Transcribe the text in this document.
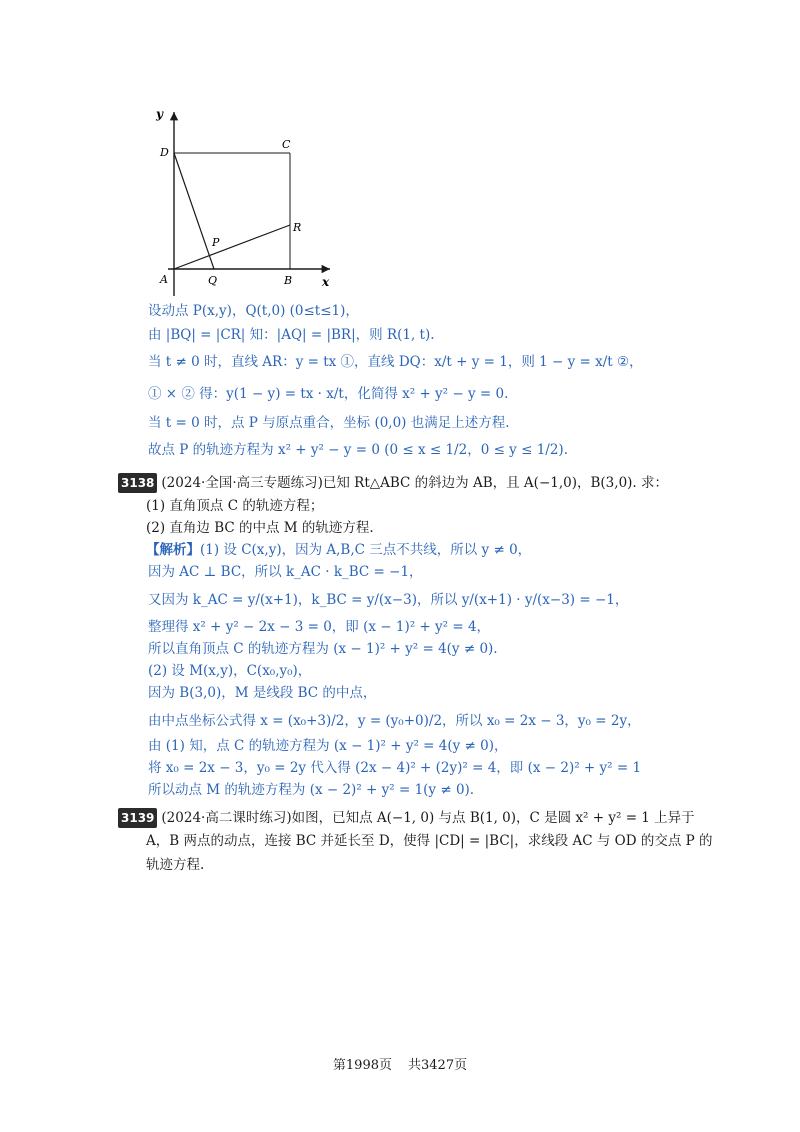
y
x
D
C
R
P
A	Q	B
设动点 P(x,y)，Q(t,0) (0≤t≤1)，
由 |BQ| = |CR| 知：|AQ| = |BR|，则 R(1, t).
当 t ≠ 0 时，直线 AR：y = tx ①，直线 DQ：x/t + y = 1，则 1 − y = x/t ②，
① × ② 得：y(1 − y) = tx · x/t，化简得 x² + y² − y = 0.
当 t = 0 时，点 P 与原点重合，坐标 (0,0) 也满足上述方程.
故点 P 的轨迹方程为 x² + y² − y = 0 (0 ≤ x ≤ 1/2，0 ≤ y ≤ 1/2).
3138 (2024·全国·高三专题练习)已知 Rt△ABC 的斜边为 AB，且 A(−1,0)，B(3,0). 求：
(1) 直角顶点 C 的轨迹方程；
(2) 直角边 BC 的中点 M 的轨迹方程.
【解析】(1) 设 C(x,y)，因为 A,B,C 三点不共线，所以 y ≠ 0，
因为 AC ⊥ BC，所以 k_AC · k_BC = −1，
又因为 k_AC = y/(x+1)，k_BC = y/(x−3)，所以 y/(x+1) · y/(x−3) = −1，
整理得 x² + y² − 2x − 3 = 0，即 (x − 1)² + y² = 4，
所以直角顶点 C 的轨迹方程为 (x − 1)² + y² = 4(y ≠ 0).
(2) 设 M(x,y)，C(x₀,y₀)，
因为 B(3,0)，M 是线段 BC 的中点，
由中点坐标公式得 x = (x₀+3)/2，y = (y₀+0)/2，所以 x₀ = 2x − 3，y₀ = 2y，
由 (1) 知，点 C 的轨迹方程为 (x − 1)² + y² = 4(y ≠ 0)，
将 x₀ = 2x − 3，y₀ = 2y 代入得 (2x − 4)² + (2y)² = 4，即 (x − 2)² + y² = 1
所以动点 M 的轨迹方程为 (x − 2)² + y² = 1(y ≠ 0).
3139 (2024·高二课时练习)如图，已知点 A(−1, 0) 与点 B(1, 0)，C 是圆 x² + y² = 1 上异于
A，B 两点的动点，连接 BC 并延长至 D，使得 |CD| = |BC|，求线段 AC 与 OD 的交点 P 的
轨迹方程.
第1998页 共3427页
